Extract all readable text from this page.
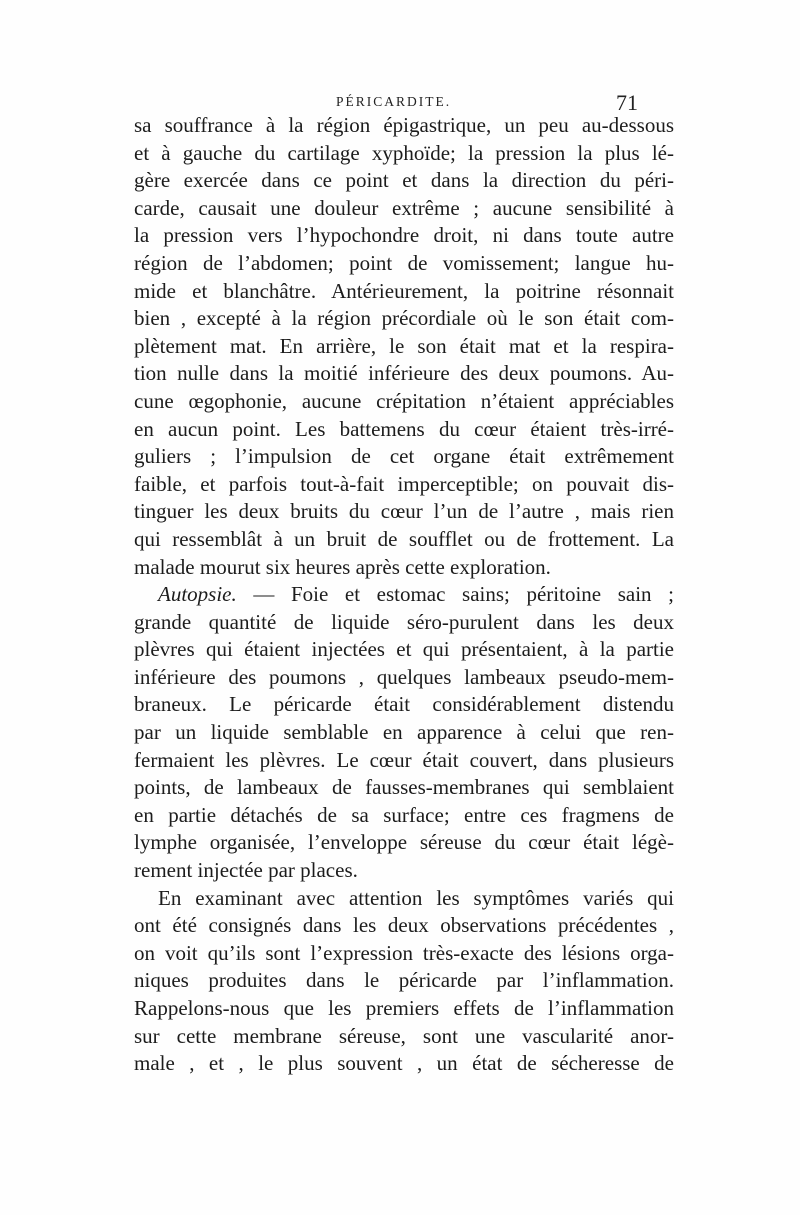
PÉRICARDITE.	71
sa souffrance à la région épigastrique, un peu au-dessous
et à gauche du cartilage xyphoïde; la pression la plus lé-
gère exercée dans ce point et dans la direction du péri-
carde, causait une douleur extrême ; aucune sensibilité à
la pression vers l’hypochondre droit, ni dans toute autre
région de l’abdomen; point de vomissement; langue hu-
mide et blanchâtre. Antérieurement, la poitrine résonnait
bien , excepté à la région précordiale où le son était com-
plètement mat. En arrière, le son était mat et la respira-
tion nulle dans la moitié inférieure des deux poumons. Au-
cune œgophonie, aucune crépitation n’étaient appréciables
en aucun point. Les battemens du cœur étaient très-irré-
guliers ; l’impulsion de cet organe était extrêmement
faible, et parfois tout-à-fait imperceptible; on pouvait dis-
tinguer les deux bruits du cœur l’un de l’autre , mais rien
qui ressemblât à un bruit de soufflet ou de frottement. La
malade mourut six heures après cette exploration.
Autopsie. — Foie et estomac sains; péritoine sain ;
grande quantité de liquide séro-purulent dans les deux
plèvres qui étaient injectées et qui présentaient, à la partie
inférieure des poumons , quelques lambeaux pseudo-mem-
braneux. Le péricarde était considérablement distendu
par un liquide semblable en apparence à celui que ren-
fermaient les plèvres. Le cœur était couvert, dans plusieurs
points, de lambeaux de fausses-membranes qui semblaient
en partie détachés de sa surface; entre ces fragmens de
lymphe organisée, l’enveloppe séreuse du cœur était légè-
rement injectée par places.
En examinant avec attention les symptômes variés qui
ont été consignés dans les deux observations précédentes ,
on voit qu’ils sont l’expression très-exacte des lésions orga-
niques produites dans le péricarde par l’inflammation.
Rappelons-nous que les premiers effets de l’inflammation
sur cette membrane séreuse, sont une vascularité anor-
male , et , le plus souvent , un état de sécheresse de
